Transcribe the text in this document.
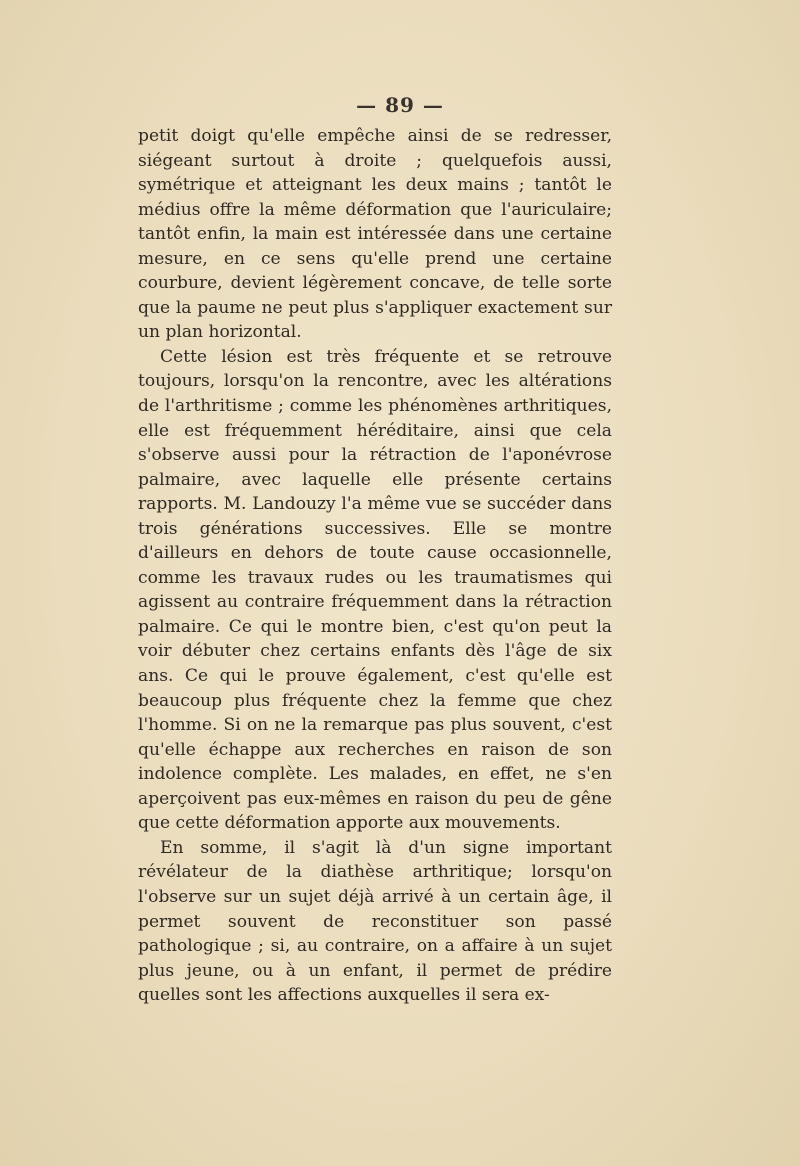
— 89 —

petit doigt qu'elle empêche ainsi de se redresser, siégeant surtout à droite ; quelquefois aussi, symétrique et atteignant les deux mains ; tantôt le médius offre la même déformation que l'auriculaire; tantôt enfin, la main est intéressée dans une certaine mesure, en ce sens qu'elle prend une certaine courbure, devient légèrement concave, de telle sorte que la paume ne peut plus s'appliquer exactement sur un plan horizontal.

Cette lésion est très fréquente et se retrouve toujours, lorsqu'on la rencontre, avec les altérations de l'arthritisme ; comme les phénomènes arthritiques, elle est fréquemment héréditaire, ainsi que cela s'observe aussi pour la rétraction de l'aponévrose palmaire, avec laquelle elle présente certains rapports. M. Landouzy l'a même vue se succéder dans trois générations successives. Elle se montre d'ailleurs en dehors de toute cause occasionnelle, comme les travaux rudes ou les traumatismes qui agissent au contraire fréquemment dans la rétraction palmaire. Ce qui le montre bien, c'est qu'on peut la voir débuter chez certains enfants dès l'âge de six ans. Ce qui le prouve également, c'est qu'elle est beaucoup plus fréquente chez la femme que chez l'homme. Si on ne la remarque pas plus souvent, c'est qu'elle échappe aux recherches en raison de son indolence complète. Les malades, en effet, ne s'en aperçoivent pas eux-mêmes en raison du peu de gêne que cette déformation apporte aux mouvements.

En somme, il s'agit là d'un signe important révélateur de la diathèse arthritique; lorsqu'on l'observe sur un sujet déjà arrivé à un certain âge, il permet souvent de reconstituer son passé pathologique ; si, au contraire, on a affaire à un sujet plus jeune, ou à un enfant, il permet de prédire quelles sont les affections auxquelles il sera ex-
